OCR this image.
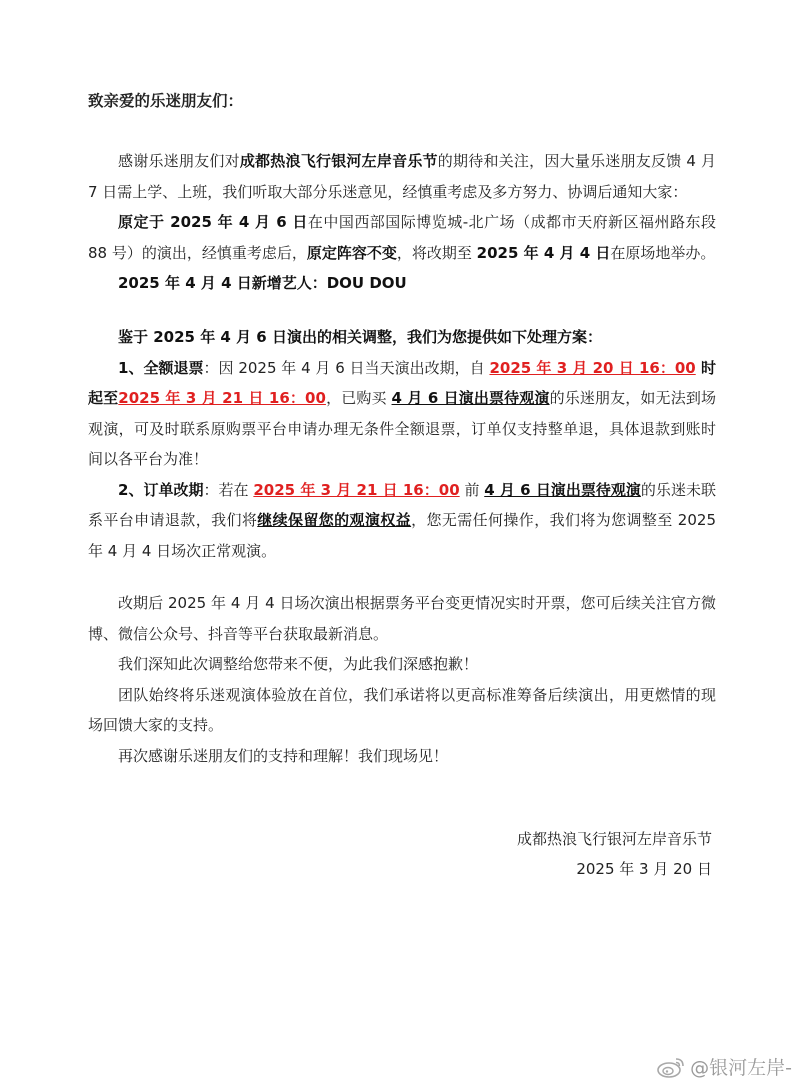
致亲爱的乐迷朋友们：

感谢乐迷朋友们对成都热浪飞行银河左岸音乐节的期待和关注，因大量乐迷朋友反馈 4 月 7 日需上学、上班，我们听取大部分乐迷意见，经慎重考虑及多方努力、协调后通知大家：

原定于 2025 年 4 月 6 日在中国西部国际博览城-北广场（成都市天府新区福州路东段 88 号）的演出，经慎重考虑后，原定阵容不变，将改期至 2025 年 4 月 4 日在原场地举办。

2025 年 4 月 4 日新增艺人：DOU DOU

鉴于 2025 年 4 月 6 日演出的相关调整，我们为您提供如下处理方案：

1、全额退票：因 2025 年 4 月 6 日当天演出改期，自 2025 年 3 月 20 日 16：00 时起至2025 年 3 月 21 日 16：00，已购买 4 月 6 日演出票待观演的乐迷朋友，如无法到场观演，可及时联系原购票平台申请办理无条件全额退票，订单仅支持整单退，具体退款到账时间以各平台为准！

2、订单改期：若在 2025 年 3 月 21 日 16：00 前 4 月 6 日演出票待观演的乐迷未联系平台申请退款，我们将继续保留您的观演权益，您无需任何操作，我们将为您调整至 2025 年 4 月 4 日场次正常观演。

改期后 2025 年 4 月 4 日场次演出根据票务平台变更情况实时开票，您可后续关注官方微博、微信公众号、抖音等平台获取最新消息。

我们深知此次调整给您带来不便，为此我们深感抱歉！

团队始终将乐迷观演体验放在首位，我们承诺将以更高标准筹备后续演出，用更燃情的现场回馈大家的支持。

再次感谢乐迷朋友们的支持和理解！我们现场见！

成都热浪飞行银河左岸音乐节
2025 年 3 月 20 日
@银河左岸-
